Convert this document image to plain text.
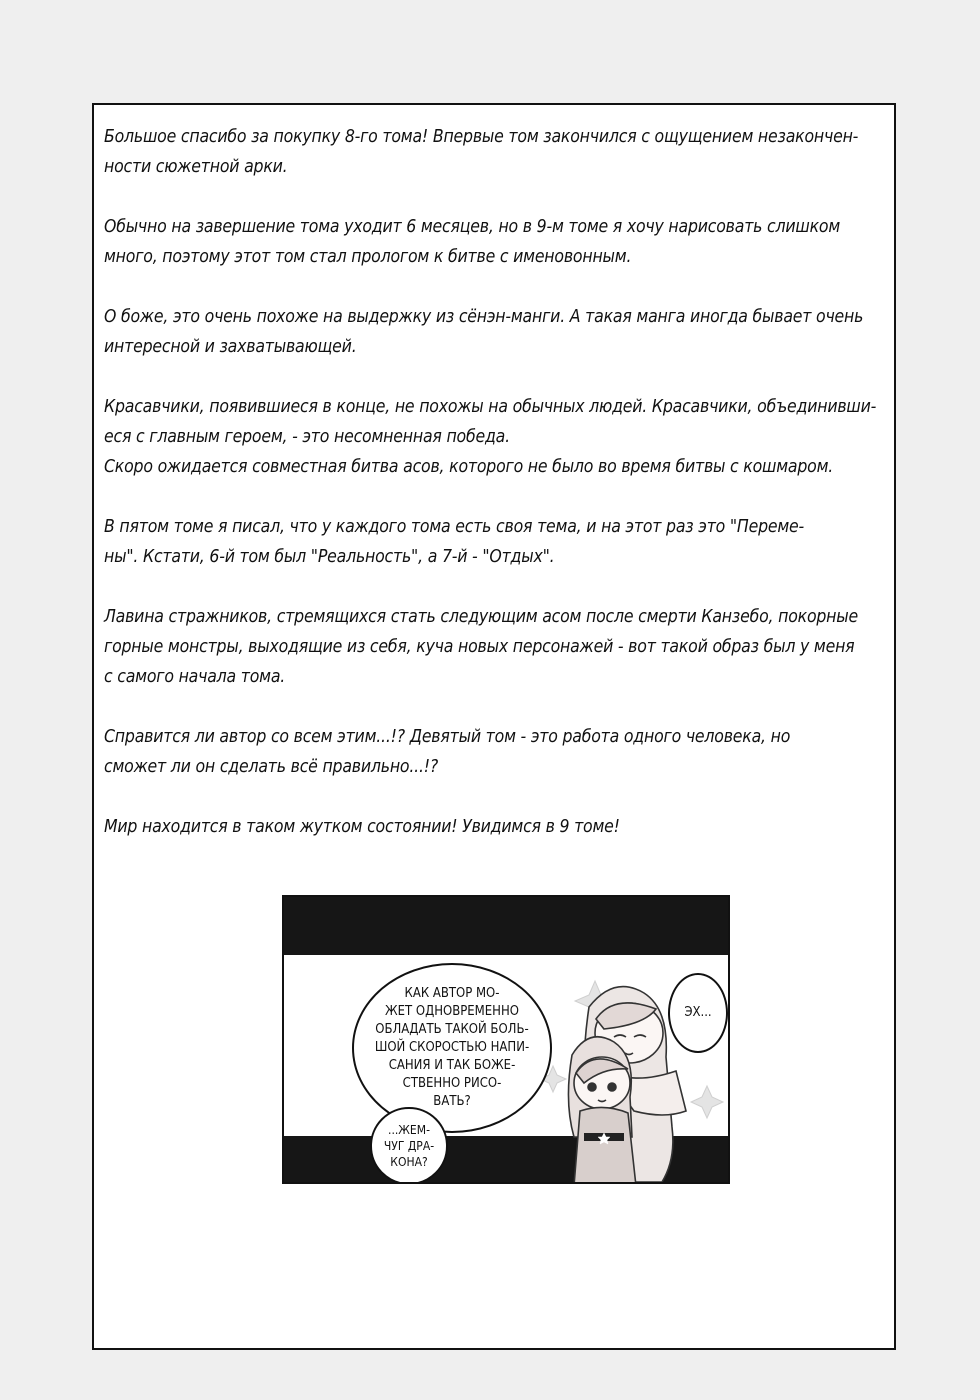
Большое спасибо за покупку 8-го тома! Впервые том закончился с ощущением незакончен-
ности сюжетной арки.

Обычно на завершение тома уходит 6 месяцев, но в 9-м томе я хочу нарисовать слишком
много, поэтому этот том стал прологом к битве с именовонным.

О боже, это очень похоже на выдержку из сёнэн-манги. А такая манга иногда бывает очень
интересной и захватывающей.

Красавчики, появившиеся в конце, не похожы на обычных людей. Красавчики, объединивши-
еся с главным героем, - это несомненная победа.
Скоро ожидается совместная битва асов, которого не было во время битвы с кошмаром.

В пятом томе я писал, что у каждого тома есть своя тема, и на этот раз это "Переме-
ны". Кстати, 6-й том был "Реальность", а 7-й - "Отдых".

Лавина стражников, стремящихся стать следующим асом после смерти Канзебо, покорные
горные монстры, выходящие из себя, куча новых персонажей - вот такой образ был у меня
с самого начала тома.

Справится ли автор со всем этим...!? Девятый том - это работа одного человека, но
сможет ли он сделать всё правильно...!?

Мир находится в таком жутком состоянии! Увидимся в 9 томе!

КАК АВТОР МО-
ЖЕТ ОДНОВРЕМЕННО
ОБЛАДАТЬ ТАКОЙ БОЛЬ-
ШОЙ СКОРОСТЬЮ НАПИ-
САНИЯ И ТАК БОЖЕ-
СТВЕННО РИСО-
ВАТЬ?
ЭХ...
...ЖЕМ-
ЧУГ ДРА-
КОНА?
